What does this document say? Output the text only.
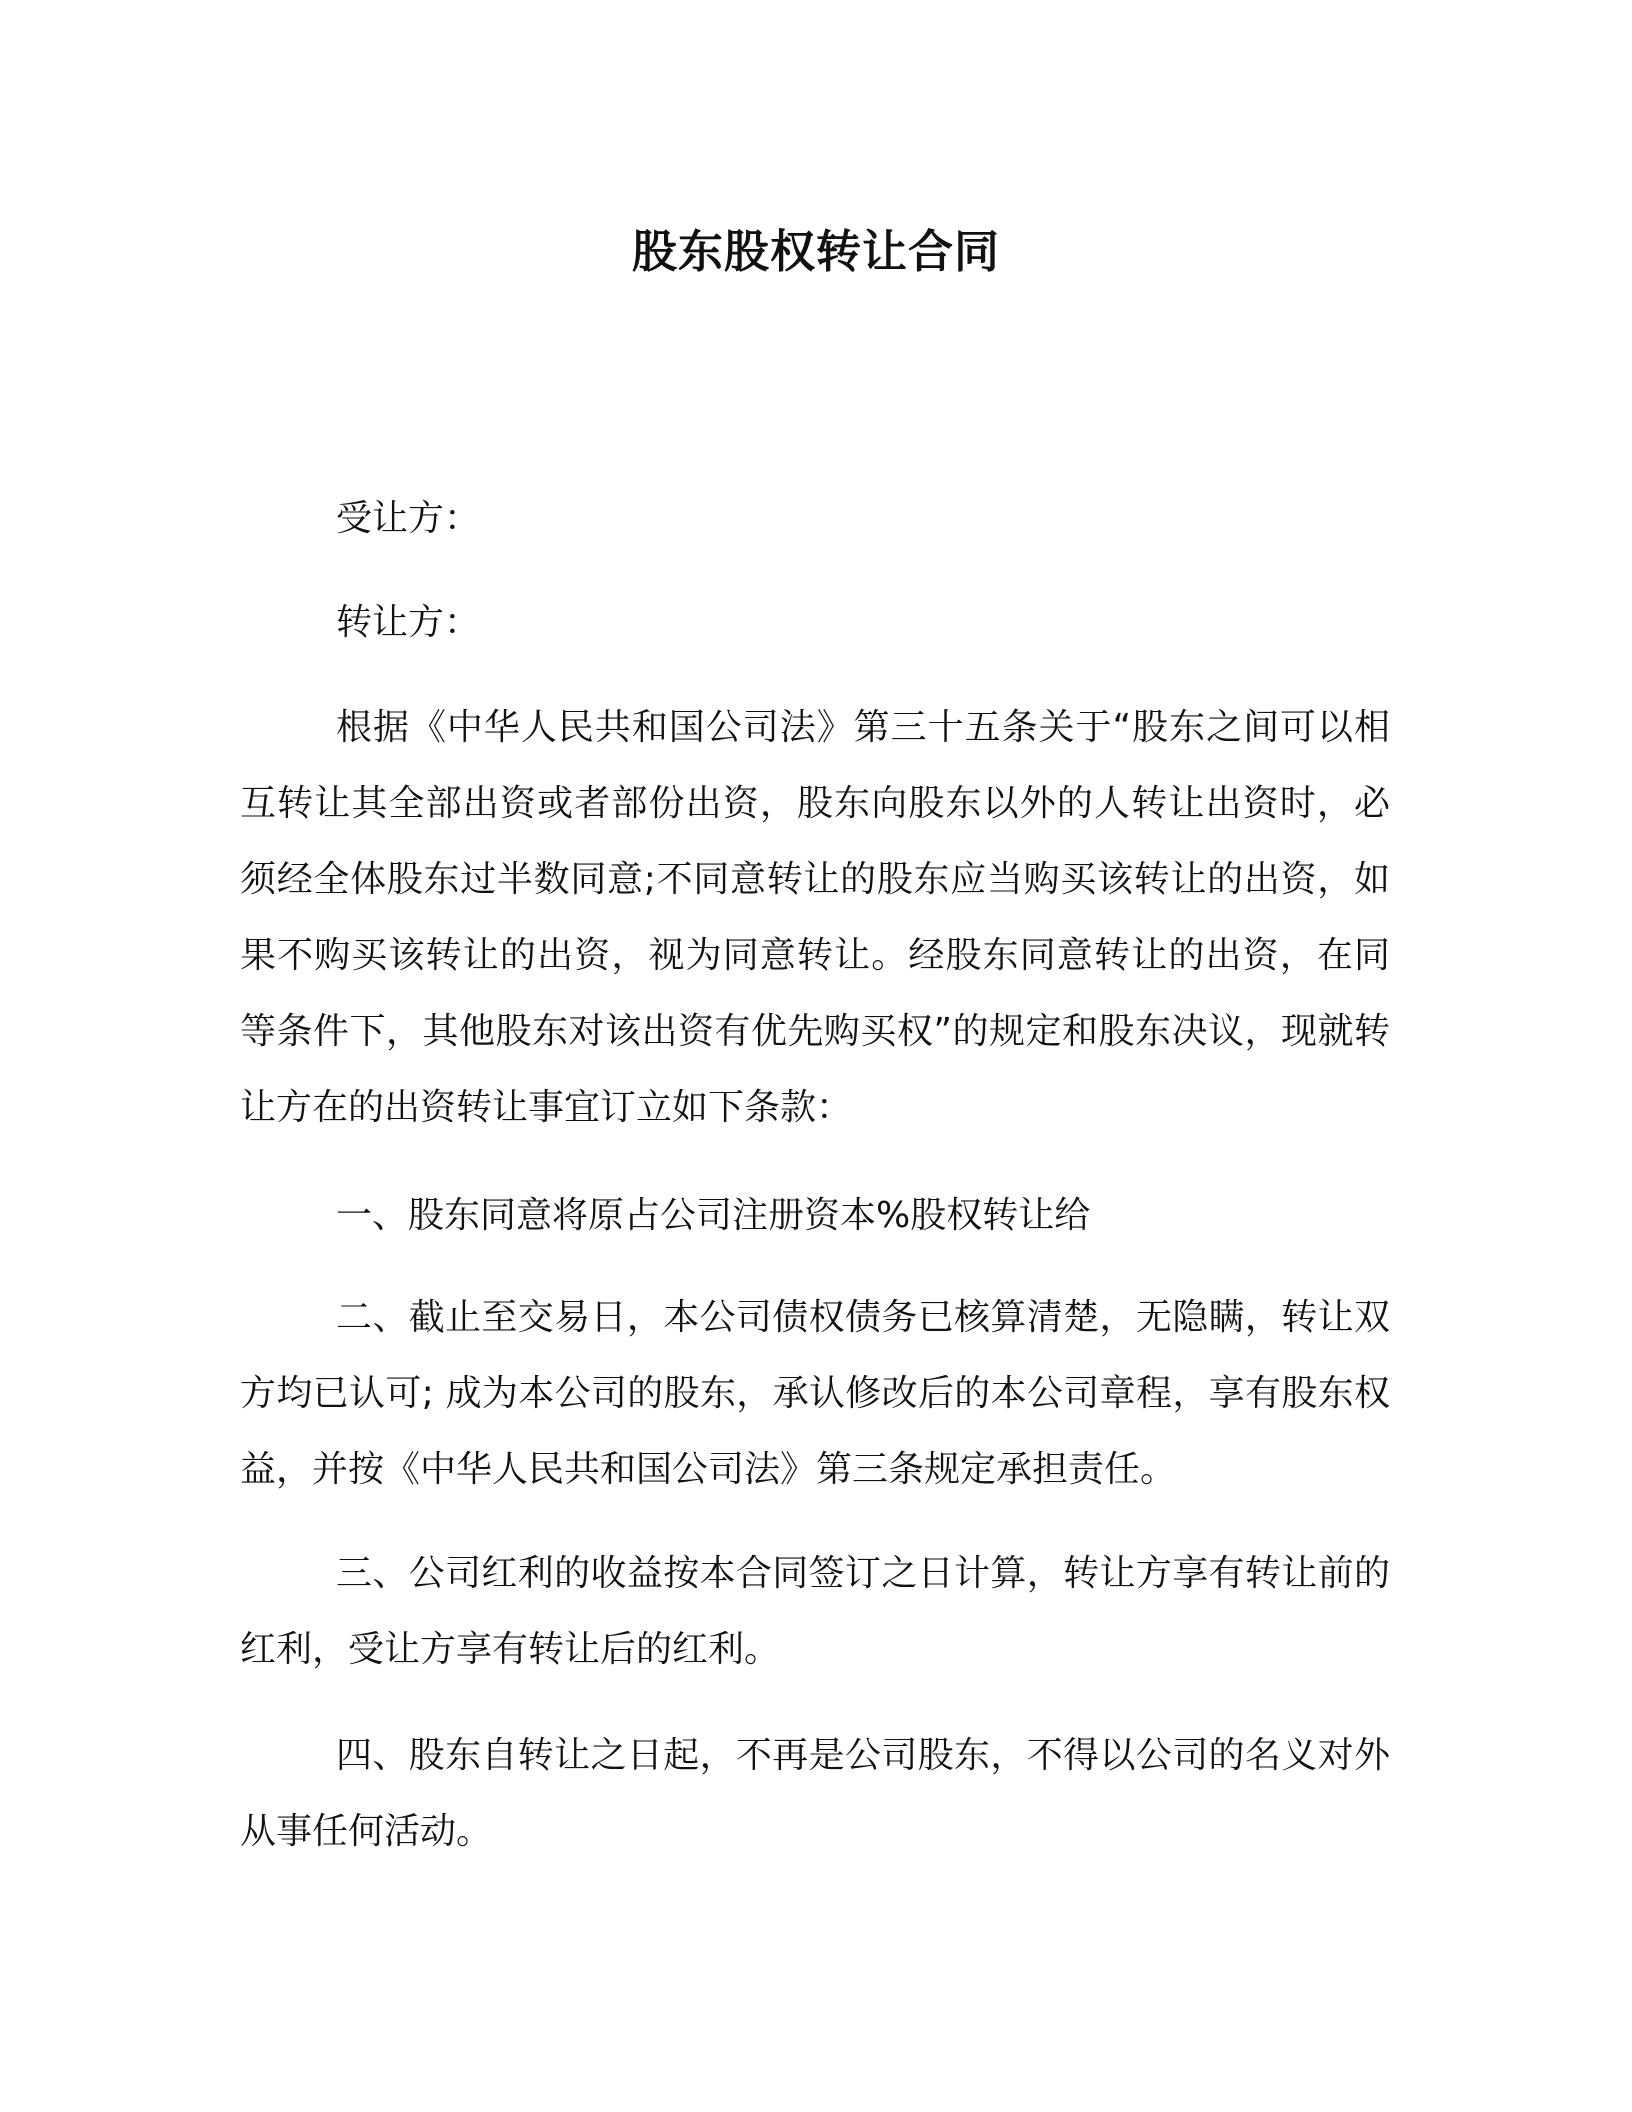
股东股权转让合同

受让方：

转让方：

根据《中华人民共和国公司法》第三十五条关于“股东之间可以相互转让其全部出资或者部份出资，股东向股东以外的人转让出资时，必须经全体股东过半数同意;不同意转让的股东应当购买该转让的出资，如果不购买该转让的出资，视为同意转让。经股东同意转让的出资，在同等条件下，其他股东对该出资有优先购买权”的规定和股东决议，现就转让方在的出资转让事宜订立如下条款：

一、股东同意将原占公司注册资本%股权转让给

二、截止至交易日，本公司债权债务已核算清楚，无隐瞒，转让双方均已认可; 成为本公司的股东，承认修改后的本公司章程，享有股东权益，并按《中华人民共和国公司法》第三条规定承担责任。

三、公司红利的收益按本合同签订之日计算，转让方享有转让前的红利，受让方享有转让后的红利。

四、股东自转让之日起，不再是公司股东，不得以公司的名义对外从事任何活动。
